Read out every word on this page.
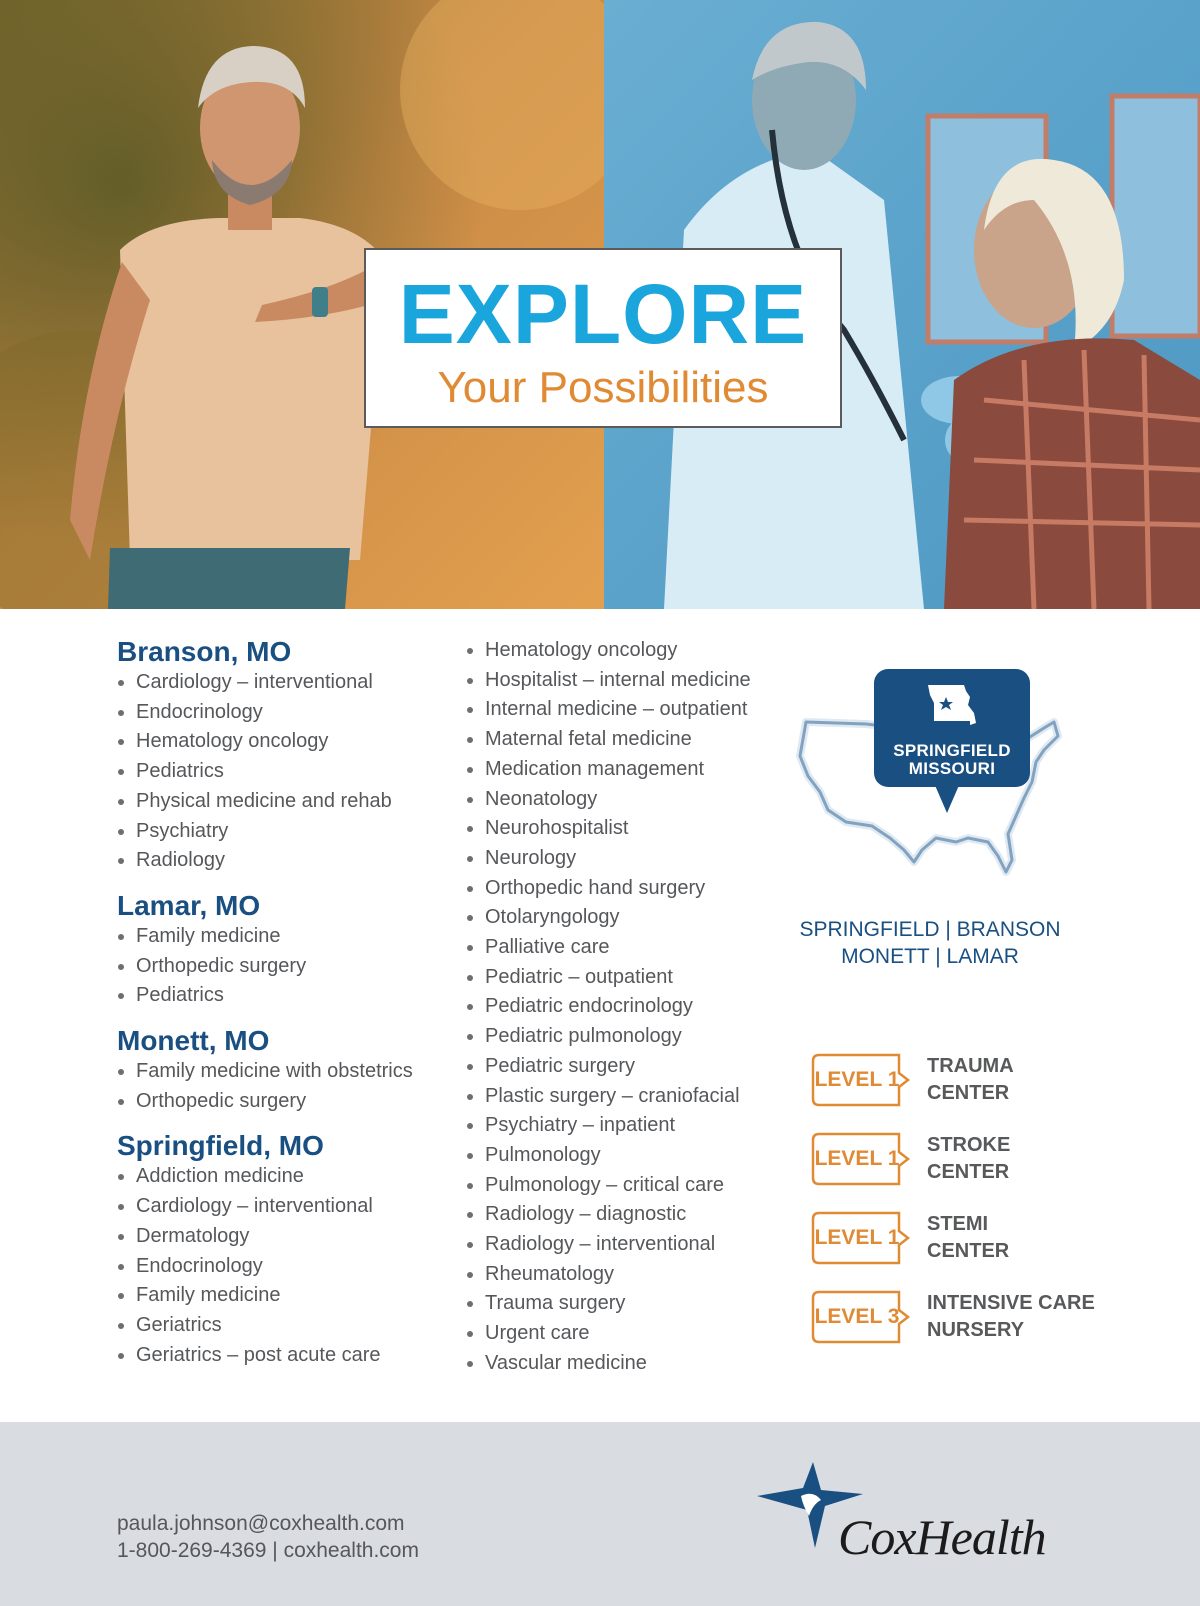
EXPLORE
Your Possibilities
Branson, MO
Cardiology – interventional
Endocrinology
Hematology oncology
Pediatrics
Physical medicine and rehab
Psychiatry
Radiology
Lamar, MO
Family medicine
Orthopedic surgery
Pediatrics
Monett, MO
Family medicine with obstetrics
Orthopedic surgery
Springfield, MO
Addiction medicine
Cardiology – interventional
Dermatology
Endocrinology
Family medicine
Geriatrics
Geriatrics – post acute care
Hematology oncology
Hospitalist – internal medicine
Internal medicine – outpatient
Maternal fetal medicine
Medication management
Neonatology
Neurohospitalist
Neurology
Orthopedic hand surgery
Otolaryngology
Palliative care
Pediatric – outpatient
Pediatric endocrinology
Pediatric pulmonology
Pediatric surgery
Plastic surgery – craniofacial
Psychiatry – inpatient
Pulmonology
Pulmonology – critical care
Radiology – diagnostic
Radiology – interventional
Rheumatology
Trauma surgery
Urgent care
Vascular medicine
SPRINGFIELD
MISSOURI
SPRINGFIELD | BRANSON
MONETT | LAMAR
LEVEL 1
TRAUMA
CENTER
LEVEL 1
STROKE
CENTER
LEVEL 1
STEMI
CENTER
LEVEL 3
INTENSIVE CARE
NURSERY
paula.johnson@coxhealth.com
1-800-269-4369 | coxhealth.com	CoxHealth
